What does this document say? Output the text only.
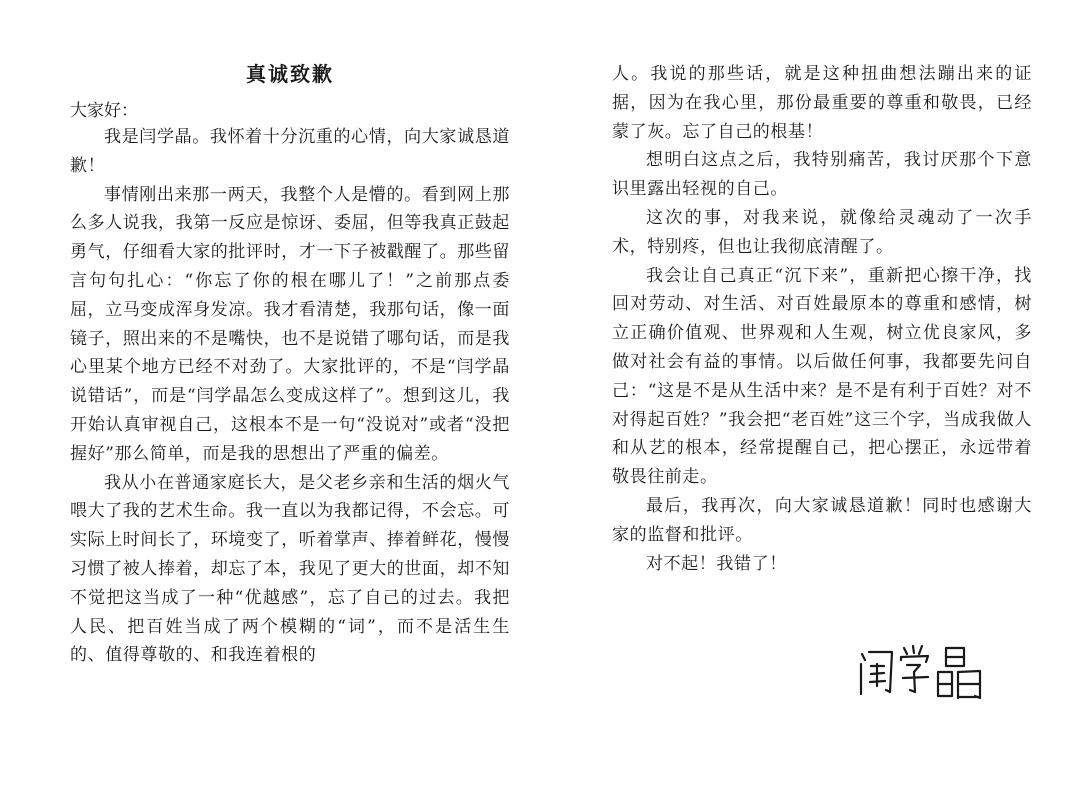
真诚致歉
大家好：

我是闫学晶。我怀着十分沉重的心情，向大家诚恳道歉！

事情刚出来那一两天，我整个人是懵的。看到网上那么多人说我，我第一反应是惊讶、委屈，但等我真正鼓起勇气，仔细看大家的批评时，才一下子被戳醒了。那些留言句句扎心：“你忘了你的根在哪儿了！”之前那点委屈，立马变成浑身发凉。我才看清楚，我那句话，像一面镜子，照出来的不是嘴快，也不是说错了哪句话，而是我心里某个地方已经不对劲了。大家批评的，不是“闫学晶说错话”，而是“闫学晶怎么变成这样了”。想到这儿，我开始认真审视自己，这根本不是一句“没说对”或者“没把握好”那么简单，而是我的思想出了严重的偏差。

我从小在普通家庭长大，是父老乡亲和生活的烟火气喂大了我的艺术生命。我一直以为我都记得，不会忘。可实际上时间长了，环境变了，听着掌声、捧着鲜花，慢慢习惯了被人捧着，却忘了本，我见了更大的世面，却不知不觉把这当成了一种“优越感”，忘了自己的过去。我把人民、把百姓当成了两个模糊的“词”，而不是活生生的、值得尊敬的、和我连着根的

人。我说的那些话，就是这种扭曲想法蹦出来的证据，因为在我心里，那份最重要的尊重和敬畏，已经蒙了灰。忘了自己的根基！

想明白这点之后，我特别痛苦，我讨厌那个下意识里露出轻视的自己。

这次的事，对我来说，就像给灵魂动了一次手术，特别疼，但也让我彻底清醒了。

我会让自己真正“沉下来”，重新把心擦干净，找回对劳动、对生活、对百姓最原本的尊重和感情，树立正确价值观、世界观和人生观，树立优良家风，多做对社会有益的事情。以后做任何事，我都要先问自己：“这是不是从生活中来？是不是有利于百姓？对不对得起百姓？”我会把“老百姓”这三个字，当成我做人和从艺的根本，经常提醒自己，把心摆正，永远带着敬畏往前走。

最后，我再次，向大家诚恳道歉！同时也感谢大家的监督和批评。

对不起！我错了！
